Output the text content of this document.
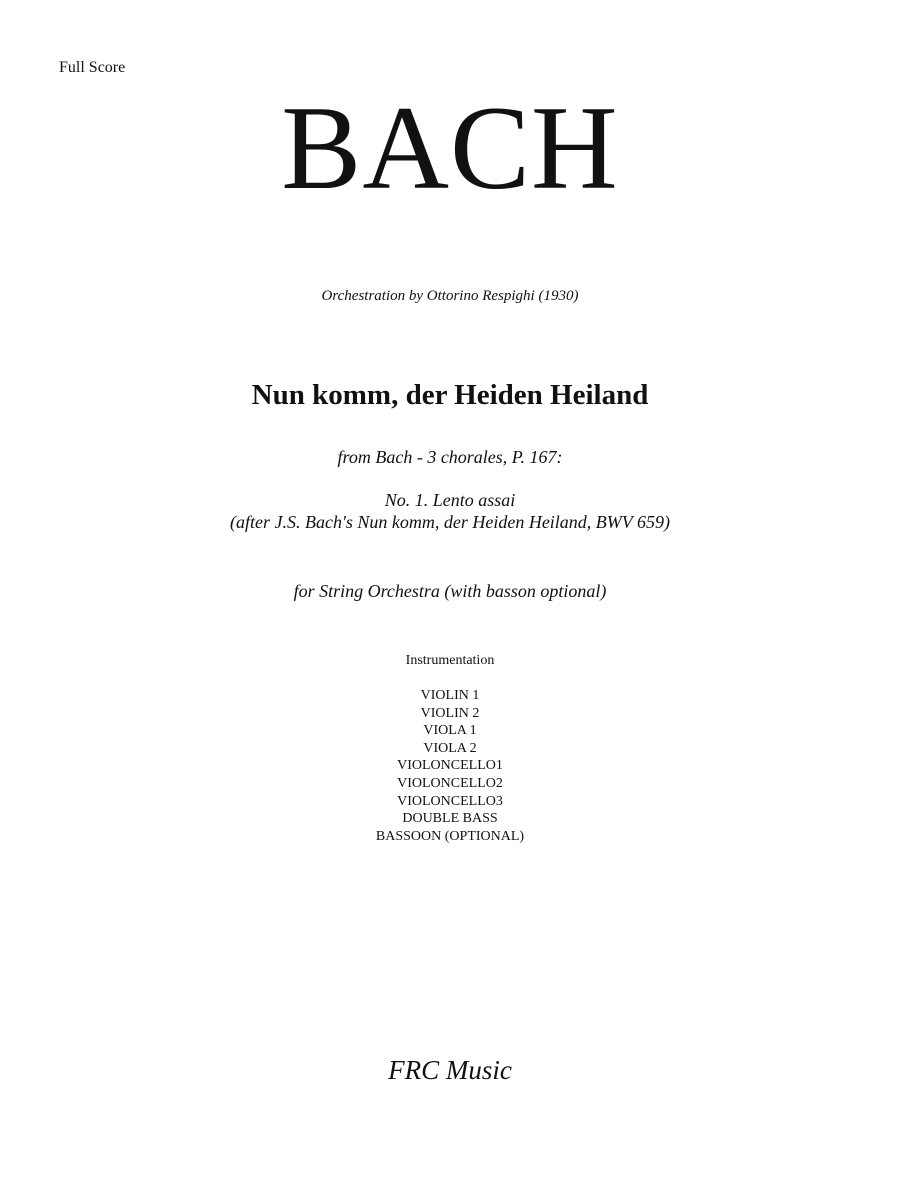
Full Score
BACH
Orchestration by Ottorino Respighi (1930)
Nun komm, der Heiden Heiland
from Bach - 3 chorales, P. 167:
No. 1. Lento assai
(after J.S. Bach's Nun komm, der Heiden Heiland, BWV 659)
for String Orchestra (with basson optional)
Instrumentation
VIOLIN 1
VIOLIN 2
VIOLA 1
VIOLA 2
VIOLONCELLO1
VIOLONCELLO2
VIOLONCELLO3
DOUBLE BASS
BASSOON (OPTIONAL)
FRC Music
